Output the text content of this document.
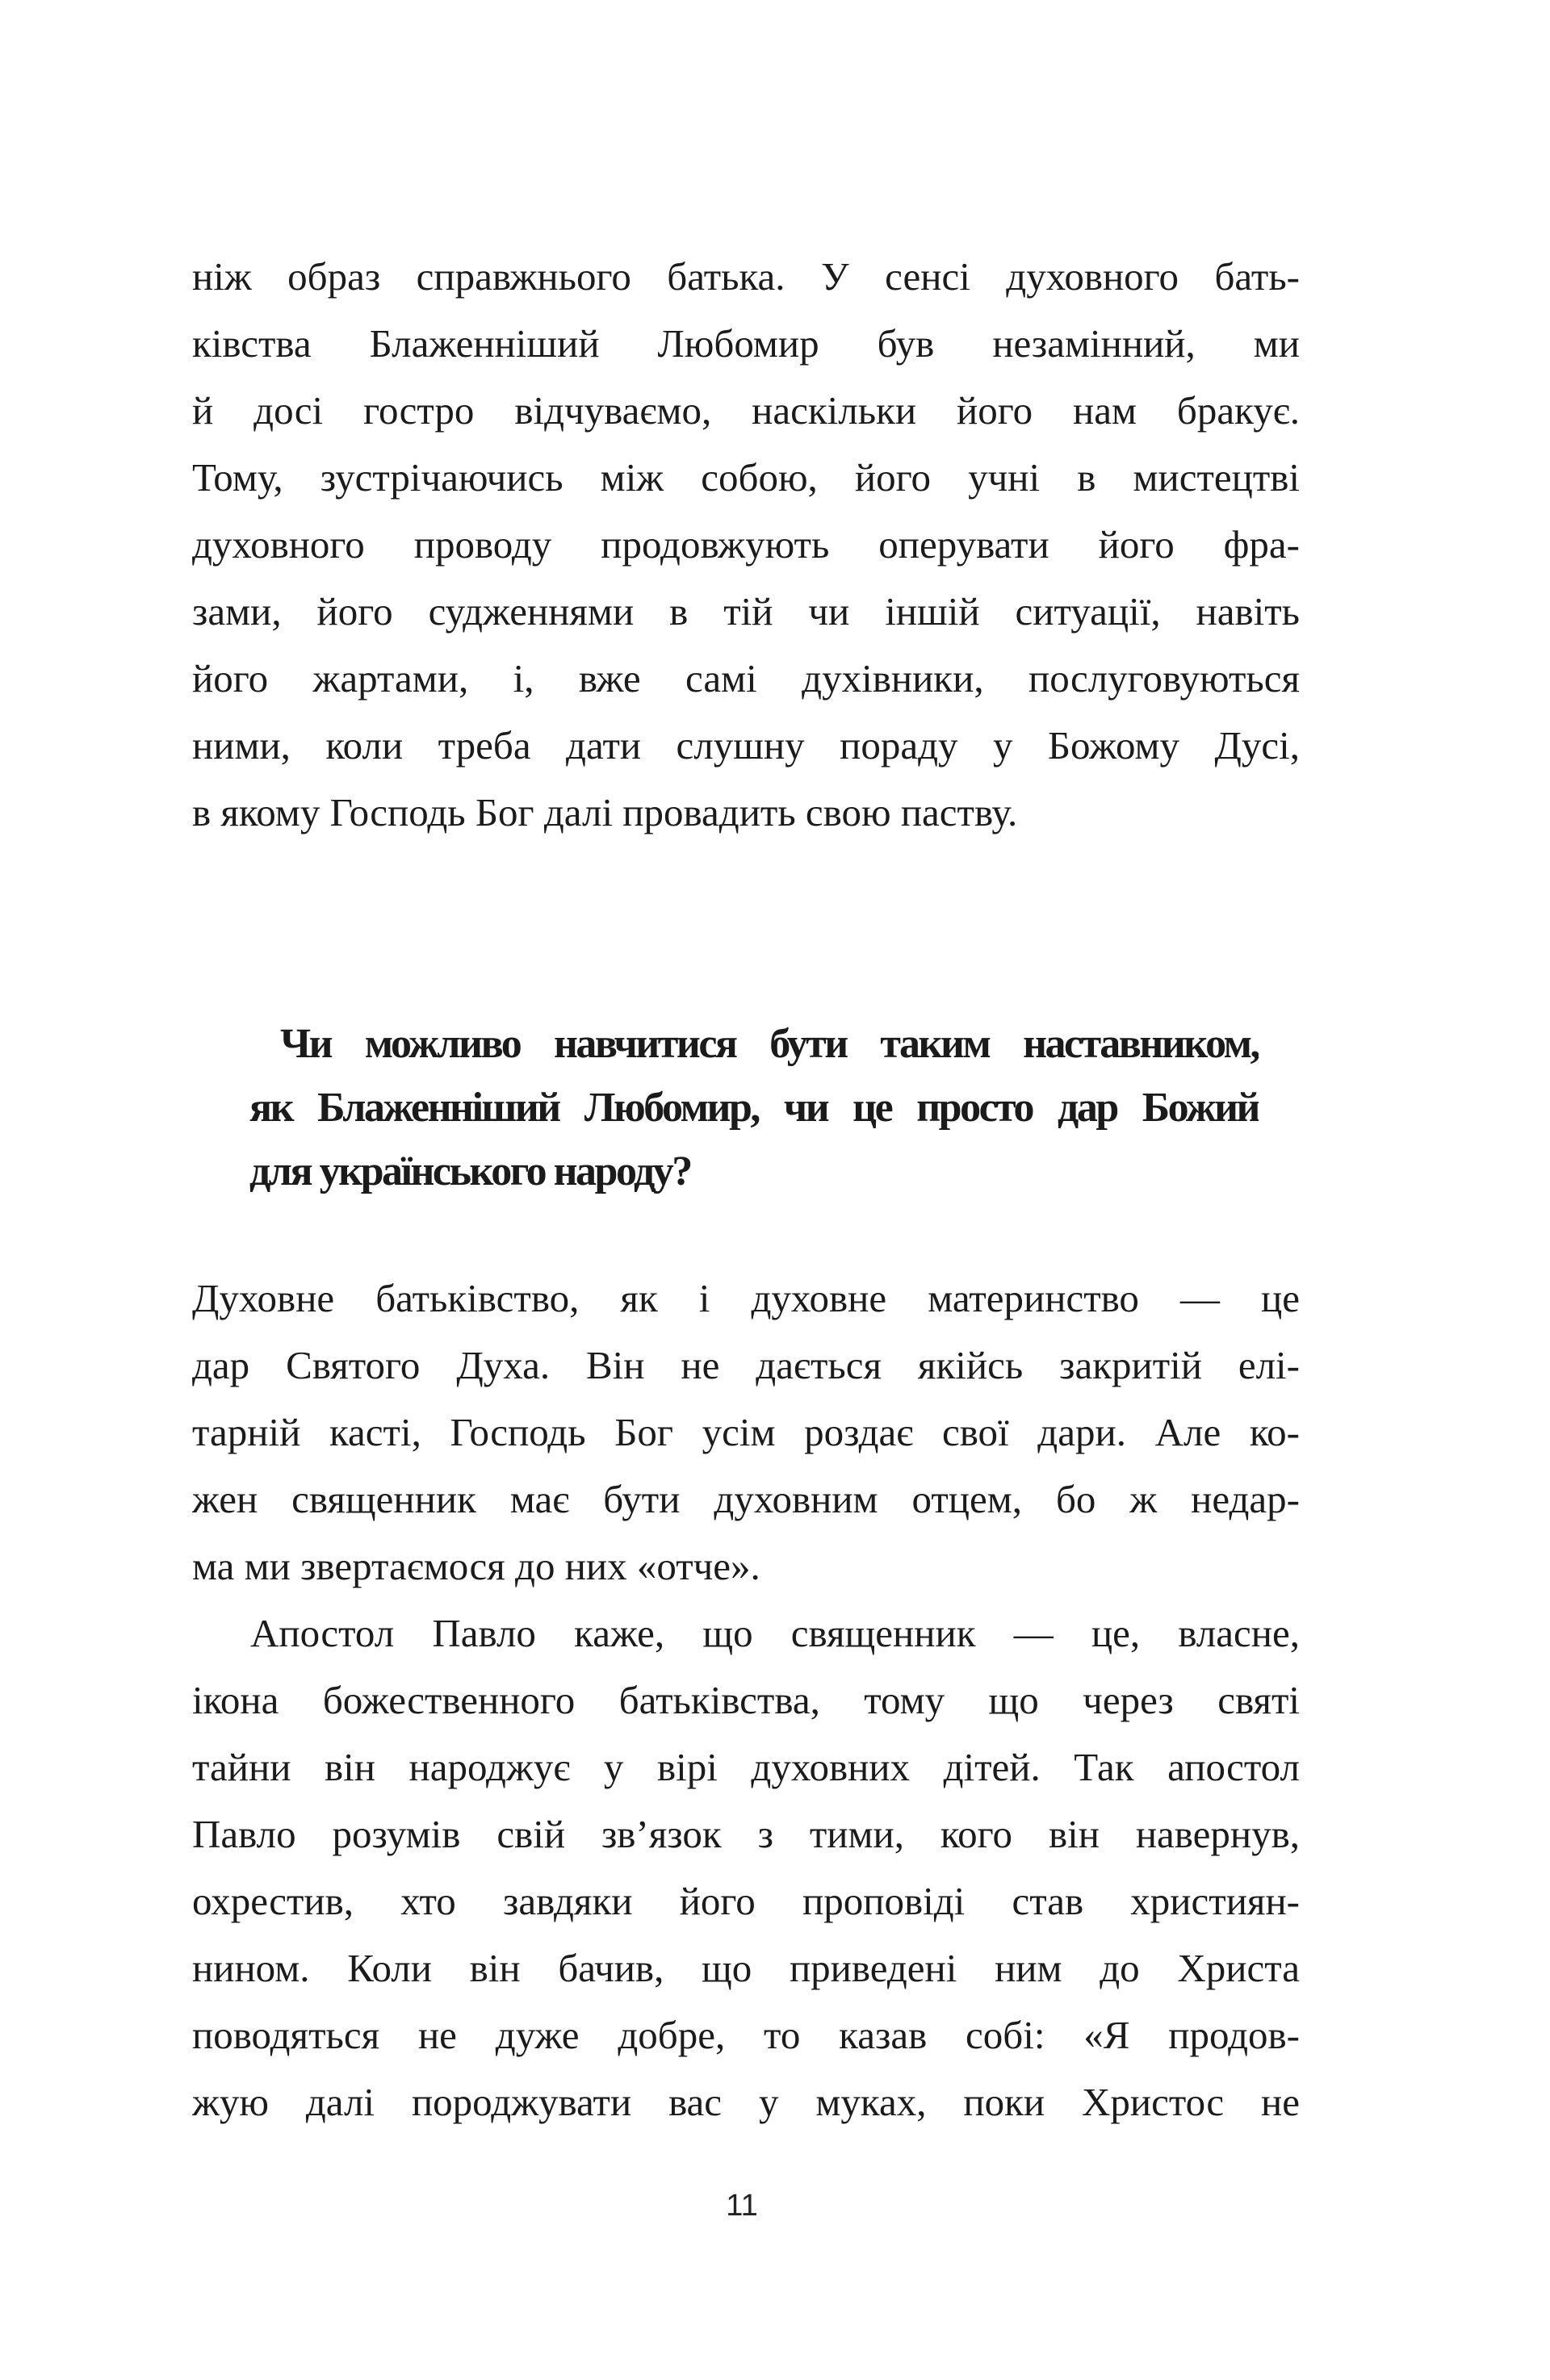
ніж образ справжнього батька. У сенсі духовного бать-
ківства Блаженніший Любомир був незамінний, ми
й досі гостро відчуваємо, наскільки його нам бракує.
Тому, зустрічаючись між собою, його учні в мистецтві
духовного проводу продовжують оперувати його фра-
зами, його судженнями в тій чи іншій ситуації, навіть
його жартами, і, вже самі духівники, послуговуються
ними, коли треба дати слушну пораду у Божому Дусі,
в якому Господь Бог далі провадить свою паству.
Чи можливо навчитися бути таким наставником,
як Блаженніший Любомир, чи це просто дар Божий
для українського народу?
Духовне батьківство, як і духовне материнство — це
дар Святого Духа. Він не дається якійсь закритій елі-
тарній касті, Господь Бог усім роздає свої дари. Але ко-
жен священник має бути духовним отцем, бо ж недар-
ма ми звертаємося до них «отче».
Апостол Павло каже, що священник — це, власне,
ікона божественного батьківства, тому що через святі
тайни він народжує у вірі духовних дітей. Так апостол
Павло розумів свій зв’язок з тими, кого він навернув,
охрестив, хто завдяки його проповіді став християн-
нином. Коли він бачив, що приведені ним до Христа
поводяться не дуже добре, то казав собі: «Я продов-
жую далі породжувати вас у муках, поки Христос не
11
